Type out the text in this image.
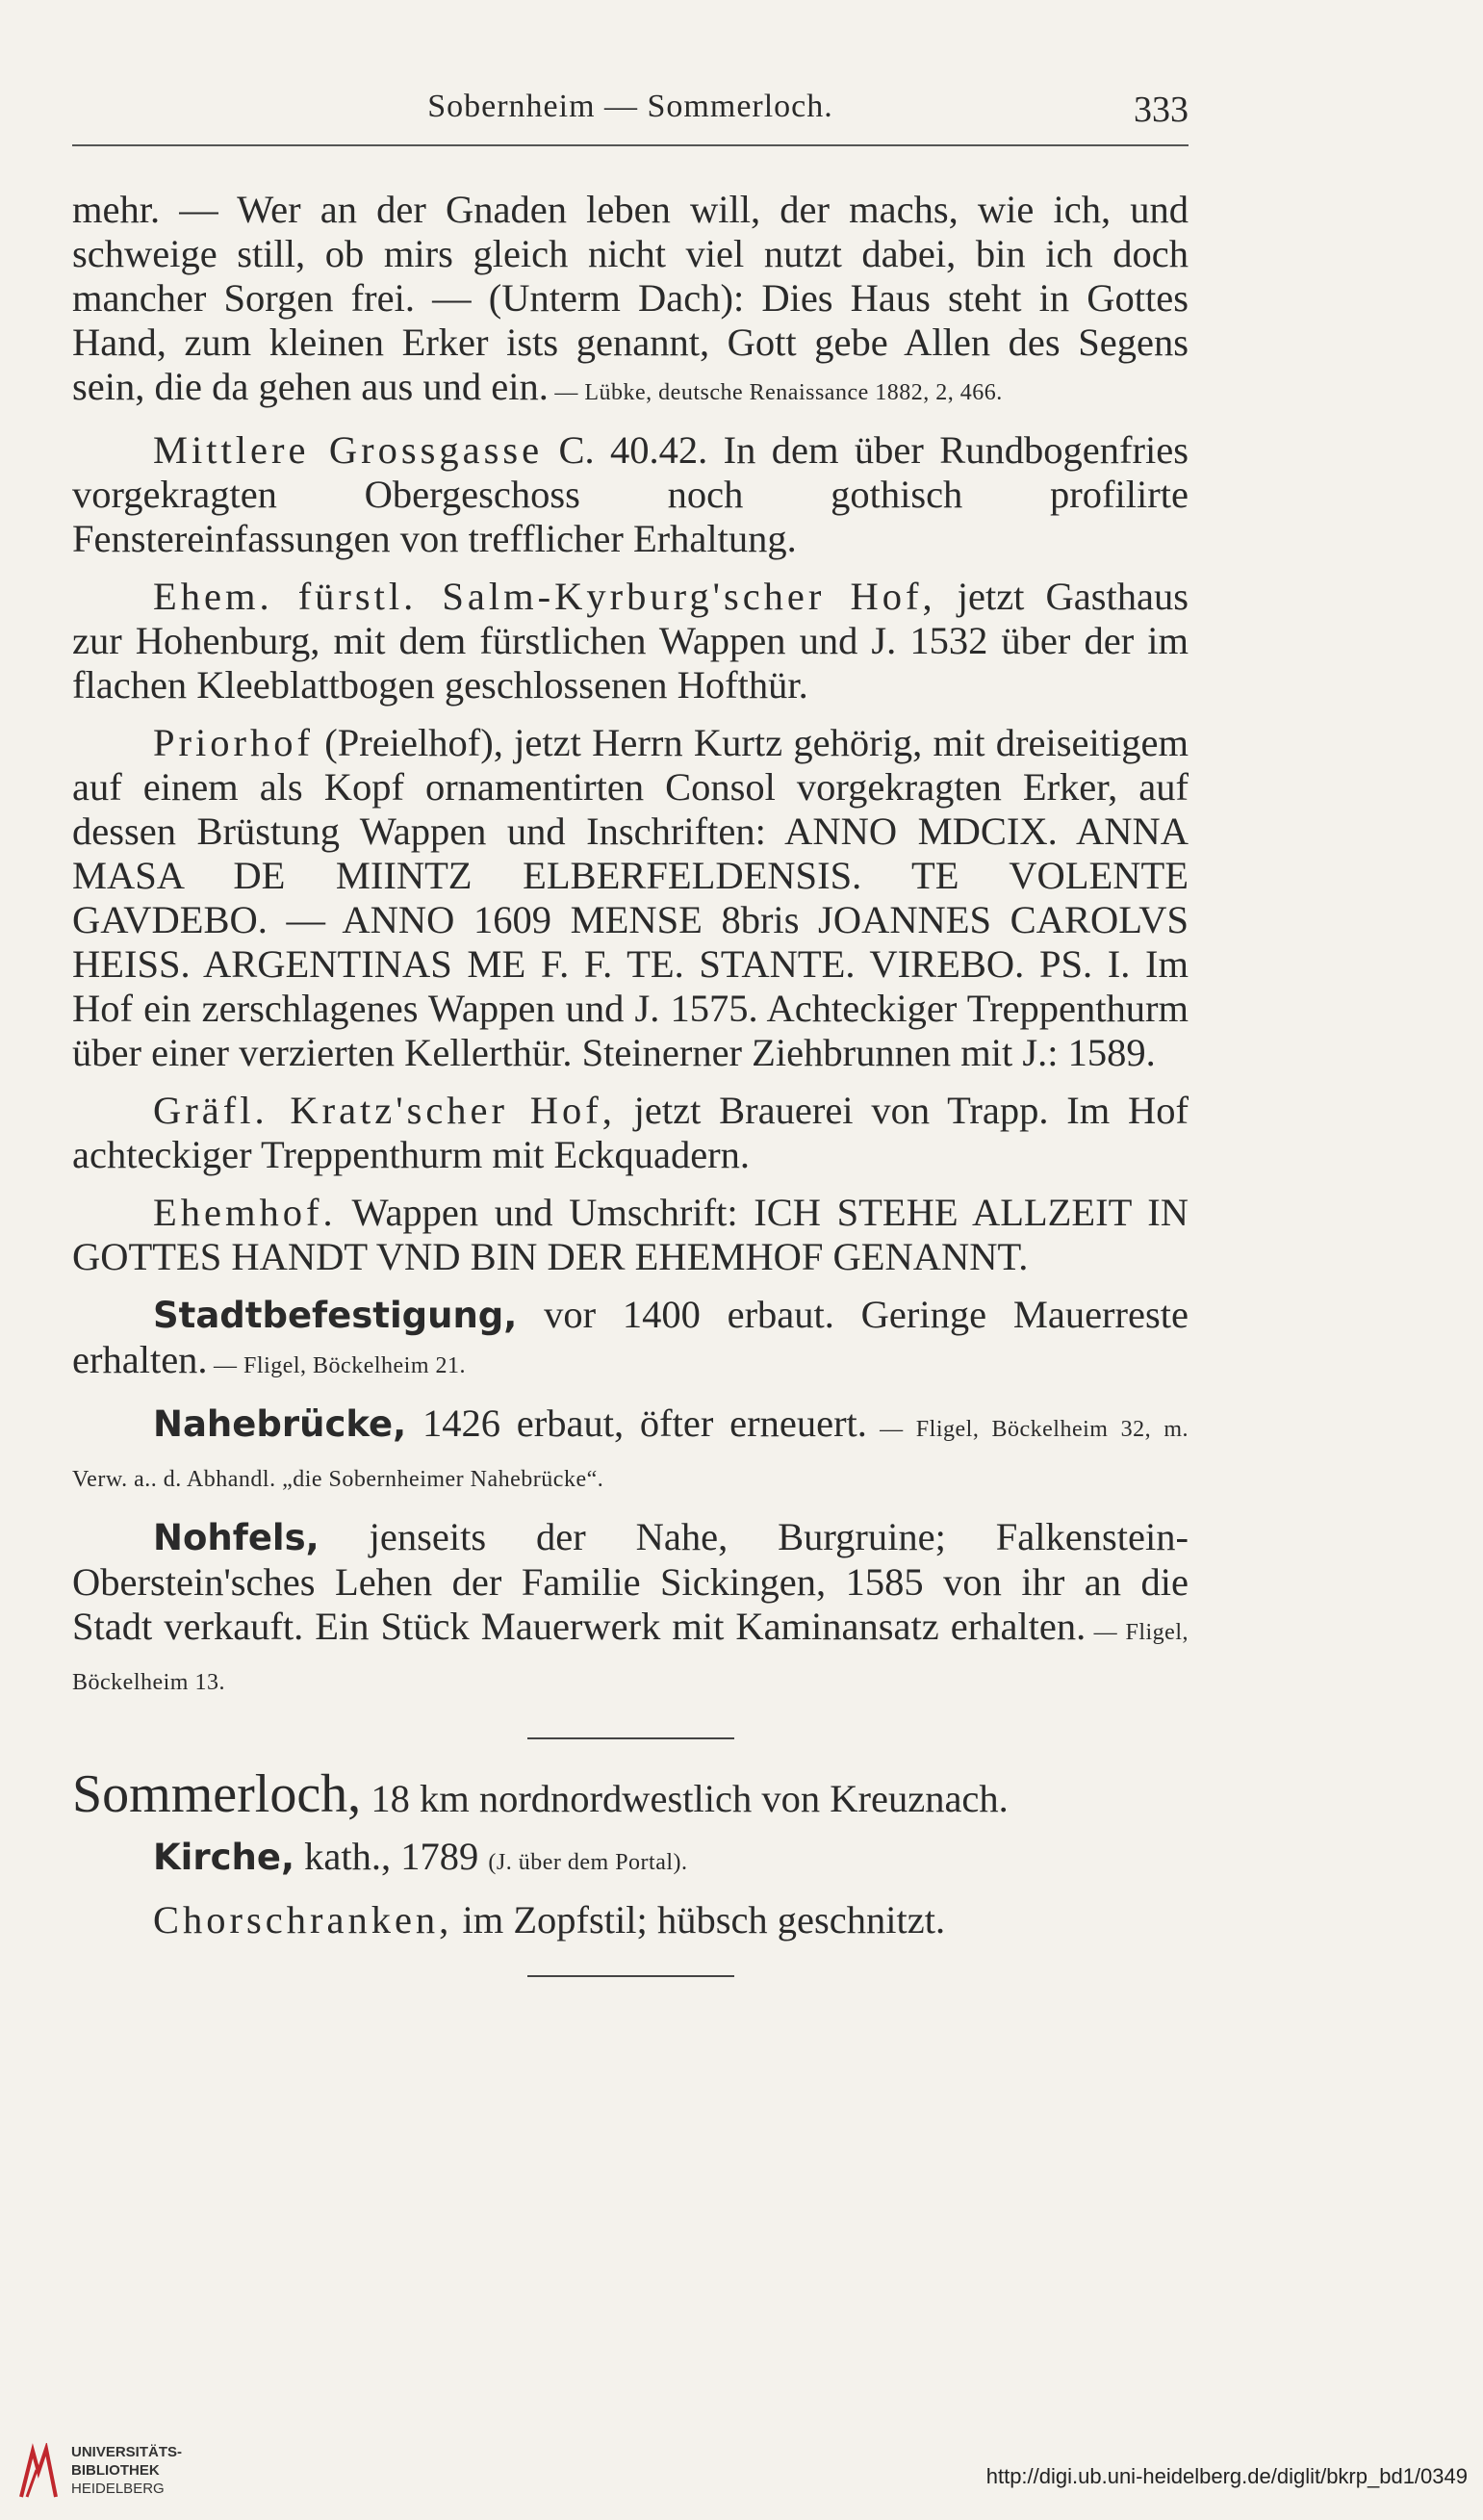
Sobernheim — Sommerloch.	333

mehr. — Wer an der Gnaden leben will, der machs, wie ich, und schweige still, ob mirs gleich nicht viel nutzt dabei, bin ich doch mancher Sorgen frei. — (Unterm Dach): Dies Haus steht in Gottes Hand, zum kleinen Erker ists genannt, Gott gebe Allen des Segens sein, die da gehen aus und ein. — Lübke, deutsche Renaissance 1882, 2, 466.

Mittlere Grossgasse C. 40.42. In dem über Rundbogenfries vorgekragten Obergeschoss noch gothisch profilirte Fenstereinfassungen von trefflicher Erhaltung.

Ehem. fürstl. Salm-Kyrburg'scher Hof, jetzt Gasthaus zur Hohenburg, mit dem fürstlichen Wappen und J. 1532 über der im flachen Kleeblattbogen geschlossenen Hofthür.

Priorhof (Preielhof), jetzt Herrn Kurtz gehörig, mit dreiseitigem auf einem als Kopf ornamentirten Consol vorgekragten Erker, auf dessen Brüstung Wappen und Inschriften: ANNO MDCIX. ANNA MASA DE MIINTZ ELBERFELDENSIS. TE VOLENTE GAVDEBO. — ANNO 1609 MENSE 8bris JOANNES CAROLVS HEISS. ARGENTINAS ME F. F. TE. STANTE. VIREBO. PS. I. Im Hof ein zerschlagenes Wappen und J. 1575. Achteckiger Treppenthurm über einer verzierten Kellerthür. Steinerner Ziehbrunnen mit J.: 1589.

Gräfl. Kratz'scher Hof, jetzt Brauerei von Trapp. Im Hof achteckiger Treppenthurm mit Eckquadern.

Ehemhof. Wappen und Umschrift: ICH STEHE ALLZEIT IN GOTTES HANDT VND BIN DER EHEMHOF GENANNT.

Stadtbefestigung, vor 1400 erbaut. Geringe Mauerreste erhalten. — Fligel, Böckelheim 21.

Nahebrücke, 1426 erbaut, öfter erneuert. — Fligel, Böckelheim 32, m. Verw. a.. d. Abhandl. „die Sobernheimer Nahebrücke“.

Nohfels, jenseits der Nahe, Burgruine; Falkenstein-Oberstein'sches Lehen der Familie Sickingen, 1585 von ihr an die Stadt verkauft. Ein Stück Mauerwerk mit Kaminansatz erhalten. — Fligel, Böckelheim 13.

Sommerloch, 18 km nordnordwestlich von Kreuznach.

Kirche, kath., 1789 (J. über dem Portal).

Chorschranken, im Zopfstil; hübsch geschnitzt.

UNIVERSITÄTS-
BIBLIOTHEK
HEIDELBERG
http://digi.ub.uni-heidelberg.de/diglit/bkrp_bd1/0349
